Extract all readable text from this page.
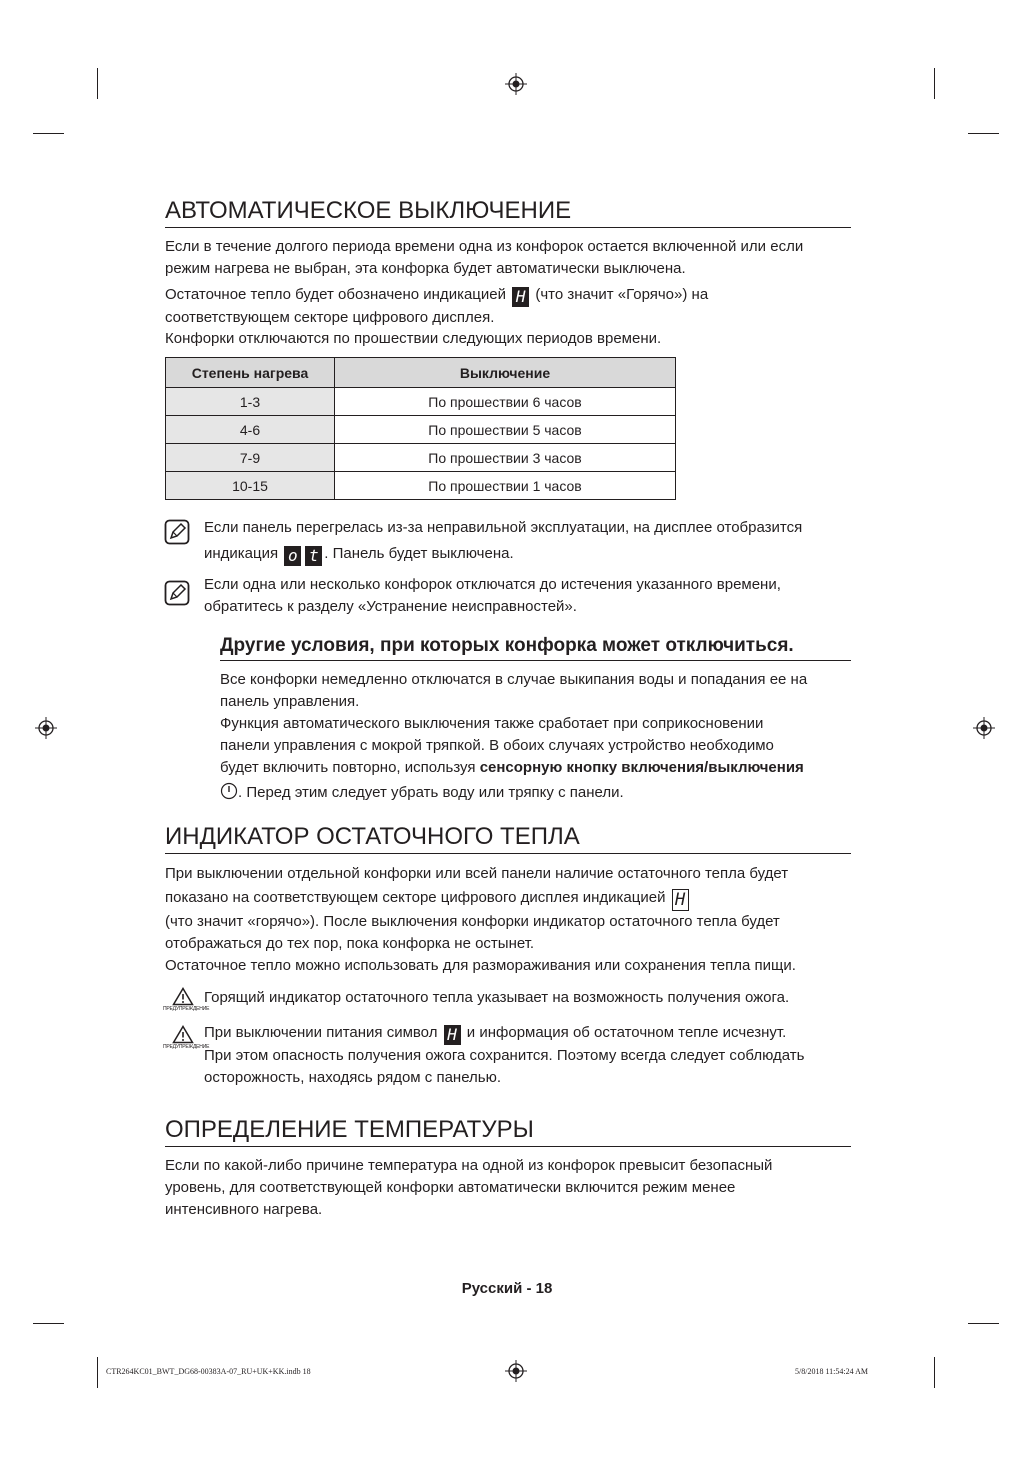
АВТОМАТИЧЕСКОЕ ВЫКЛЮЧЕНИЕ

Если в течение долгого периода времени одна из конфорок остается включенной или если
режим нагрева не выбран, эта конфорка будет автоматически выключена.

Остаточное тепло будет обозначено индикацией H (что значит «Горячо») на
соответствующем секторе цифрового дисплея.

Конфорки отключаются по прошествии следующих периодов времени.

Степень нагрева	Выключение
1-3	По прошествии 6 часов
4-6	По прошествии 5 часов
7-9	По прошествии 3 часов
10-15	По прошествии 1 часов

Если панель перегрелась из-за неправильной эксплуатации, на дисплее отобразится
индикация o t . Панель будет выключена.

Если одна или несколько конфорок отключатся до истечения указанного времени,
обратитесь к разделу «Устранение неисправностей».

Другие условия, при которых конфорка может отключиться.

Все конфорки немедленно отключатся в случае выкипания воды и попадания ее на
панель управления.
Функция автоматического выключения также сработает при соприкосновении
панели управления с мокрой тряпкой. В обоих случаях устройство необходимо
будет включить повторно, используя сенсорную кнопку включения/выключения

. Перед этим следует убрать воду или тряпку с панели.
ИНДИКАТОР ОСТАТОЧНОГО ТЕПЛА

При выключении отдельной конфорки или всей панели наличие остаточного тепла будет
показано на соответствующем секторе цифрового дисплея индикацией H

(что значит «горячо»). После выключения конфорки индикатор остаточного тепла будет
отображаться до тех пор, пока конфорка не остынет.
Остаточное тепло можно использовать для размораживания или сохранения тепла пищи.

ПРЕДУПРЕЖДЕНИЕ

Горящий индикатор остаточного тепла указывает на возможность получения ожога.

ПРЕДУПРЕЖДЕНИЕ

При выключении питания символ H и информация об остаточном тепле исчезнут.
При этом опасность получения ожога сохранится. Поэтому всегда следует соблюдать
осторожность, находясь рядом с панелью.

ОПРЕДЕЛЕНИЕ ТЕМПЕРАТУРЫ

Если по какой-либо причине температура на одной из конфорок превысит безопасный
уровень, для соответствующей конфорки автоматически включится режим менее
интенсивного нагрева.

Русский - 18
CTR264KC01_BWT_DG68-00383A-07_RU+UK+KK.indb 18	5/8/2018 11:54:24 AM
